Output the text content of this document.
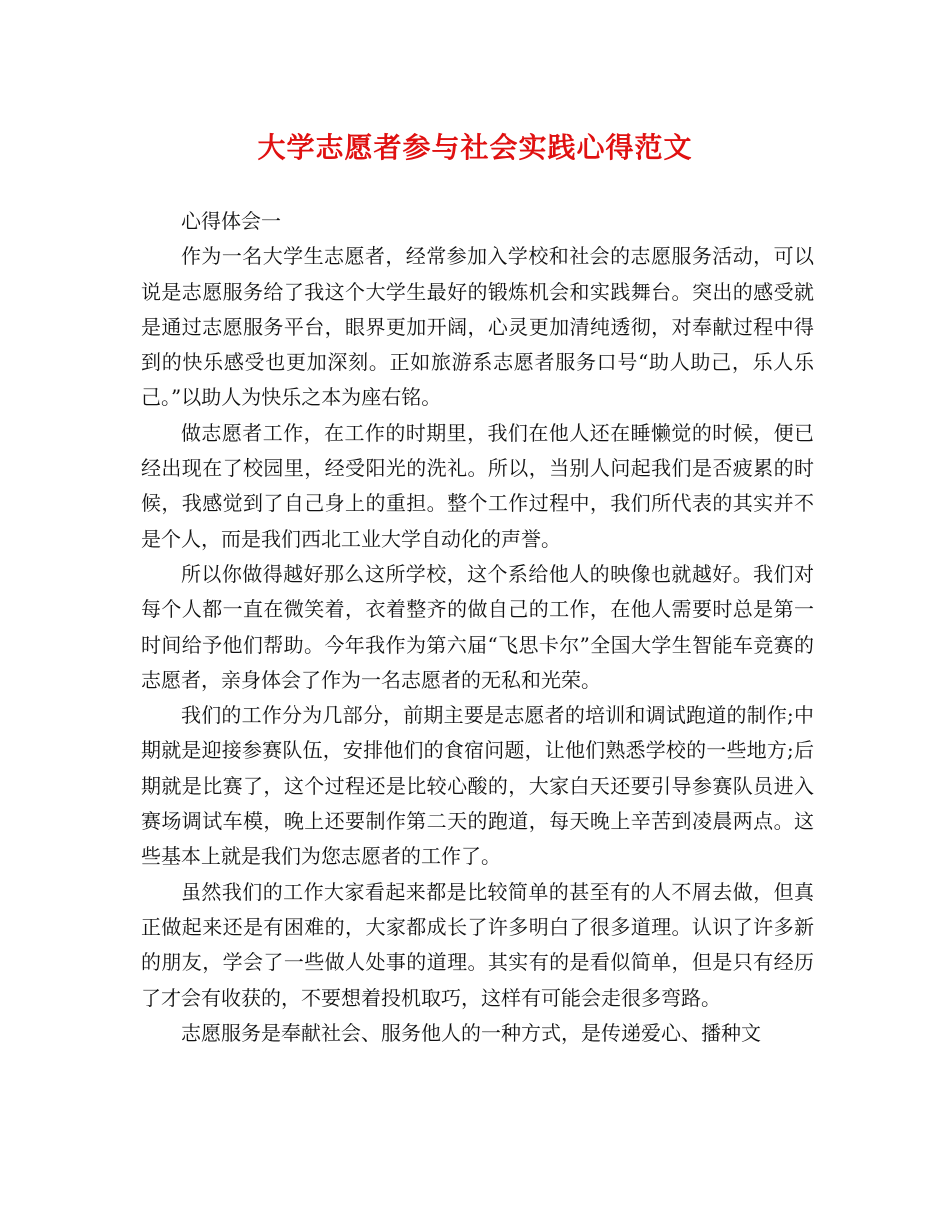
大学志愿者参与社会实践心得范文

心得体会一

作为一名大学生志愿者，经常参加入学校和社会的志愿服务活动，可以说是志愿服务给了我这个大学生最好的锻炼机会和实践舞台。突出的感受就是通过志愿服务平台，眼界更加开阔，心灵更加清纯透彻，对奉献过程中得到的快乐感受也更加深刻。正如旅游系志愿者服务口号“助人助己，乐人乐己。”以助人为快乐之本为座右铭。

做志愿者工作，在工作的时期里，我们在他人还在睡懒觉的时候，便已经出现在了校园里，经受阳光的洗礼。所以，当别人问起我们是否疲累的时候，我感觉到了自己身上的重担。整个工作过程中，我们所代表的其实并不是个人，而是我们西北工业大学自动化的声誉。

所以你做得越好那么这所学校，这个系给他人的映像也就越好。我们对每个人都一直在微笑着，衣着整齐的做自己的工作，在他人需要时总是第一时间给予他们帮助。今年我作为第六届“飞思卡尔”全国大学生智能车竞赛的志愿者，亲身体会了作为一名志愿者的无私和光荣。

我们的工作分为几部分，前期主要是志愿者的培训和调试跑道的制作;中期就是迎接参赛队伍，安排他们的食宿问题，让他们熟悉学校的一些地方;后期就是比赛了，这个过程还是比较心酸的，大家白天还要引导参赛队员进入赛场调试车模，晚上还要制作第二天的跑道，每天晚上辛苦到凌晨两点。这些基本上就是我们为您志愿者的工作了。

虽然我们的工作大家看起来都是比较简单的甚至有的人不屑去做，但真正做起来还是有困难的，大家都成长了许多明白了很多道理。认识了许多新的朋友，学会了一些做人处事的道理。其实有的是看似简单，但是只有经历了才会有收获的，不要想着投机取巧，这样有可能会走很多弯路。

志愿服务是奉献社会、服务他人的一种方式，是传递爱心、播种文
